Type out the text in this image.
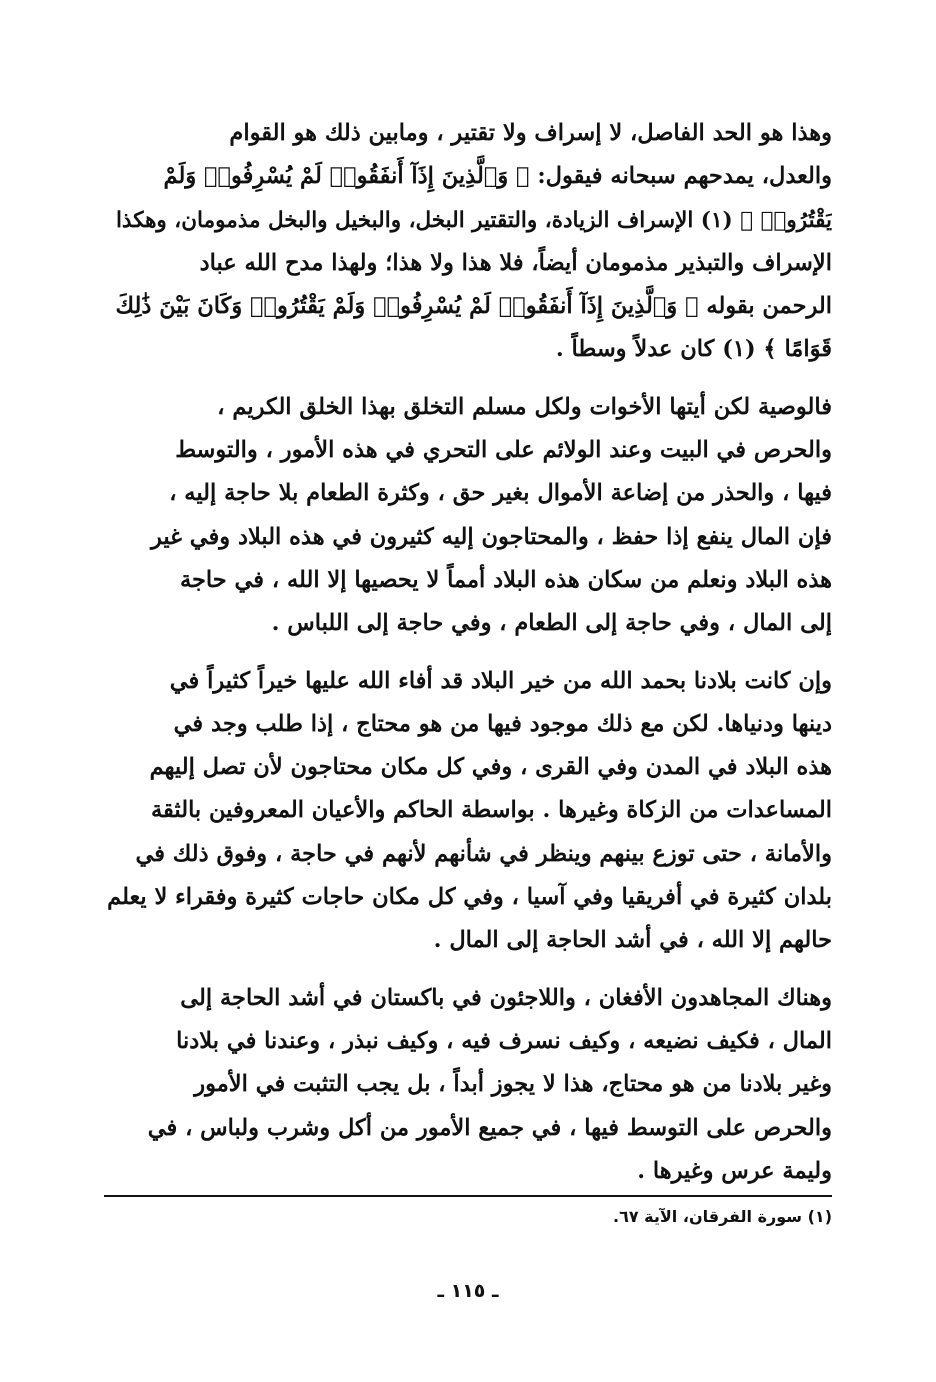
وهذا هو الحد الفاصل، لا إسراف ولا تقتير ، ومابين ذلك هو القوام
والعدل، يمدحهم سبحانه فيقول: ﴿ وَٱلَّذِينَ إِذَآ أَنفَقُوا۟ لَمْ يُسْرِفُوا۟ وَلَمْ
يَقْتُرُوا۟ ﴾ (١) الإسراف الزيادة، والتقتير البخل، والبخيل والبخل مذمومان، وهكذا
الإسراف والتبذير مذمومان أيضاً، فلا هذا ولا هذا؛ ولهذا مدح الله عباد
الرحمن بقوله ﴿ وَٱلَّذِينَ إِذَآ أَنفَقُوا۟ لَمْ يُسْرِفُوا۟ وَلَمْ يَقْتُرُوا۟ وَكَانَ بَيْنَ ذَٰلِكَ
قَوَامًا ﴾ (١) كان عدلاً وسطاً .

فالوصية لكن أيتها الأخوات ولكل مسلم التخلق بهذا الخلق الكريم ،
والحرص في البيت وعند الولائم على التحري في هذه الأمور ، والتوسط
فيها ، والحذر من إضاعة الأموال بغير حق ، وكثرة الطعام بلا حاجة إليه ،
فإن المال ينفع إذا حفظ ، والمحتاجون إليه كثيرون في هذه البلاد وفي غير
هذه البلاد ونعلم من سكان هذه البلاد أمماً لا يحصيها إلا الله ، في حاجة
إلى المال ، وفي حاجة إلى الطعام ، وفي حاجة إلى اللباس .

وإن كانت بلادنا بحمد الله من خير البلاد قد أفاء الله عليها خيراً كثيراً في
دينها ودنياها. لكن مع ذلك موجود فيها من هو محتاج ، إذا طلب وجد في
هذه البلاد في المدن وفي القرى ، وفي كل مكان محتاجون لأن تصل إليهم
المساعدات من الزكاة وغيرها . بواسطة الحاكم والأعيان المعروفين بالثقة
والأمانة ، حتى توزع بينهم وينظر في شأنهم لأنهم في حاجة ، وفوق ذلك في
بلدان كثيرة في أفريقيا وفي آسيا ، وفي كل مكان حاجات كثيرة وفقراء لا يعلم
حالهم إلا الله ، في أشد الحاجة إلى المال .

وهناك المجاهدون الأفغان ، واللاجئون في باكستان في أشد الحاجة إلى
المال ، فكيف نضيعه ، وكيف نسرف فيه ، وكيف نبذر ، وعندنا في بلادنا
وغير بلادنا من هو محتاج، هذا لا يجوز أبداً ، بل يجب التثبت في الأمور
والحرص على التوسط فيها ، في جميع الأمور من أكل وشرب ولباس ، في
وليمة عرس وغيرها .

(١) سورة الفرقان، الآية ٦٧.
ـ ١١٥ ـ
